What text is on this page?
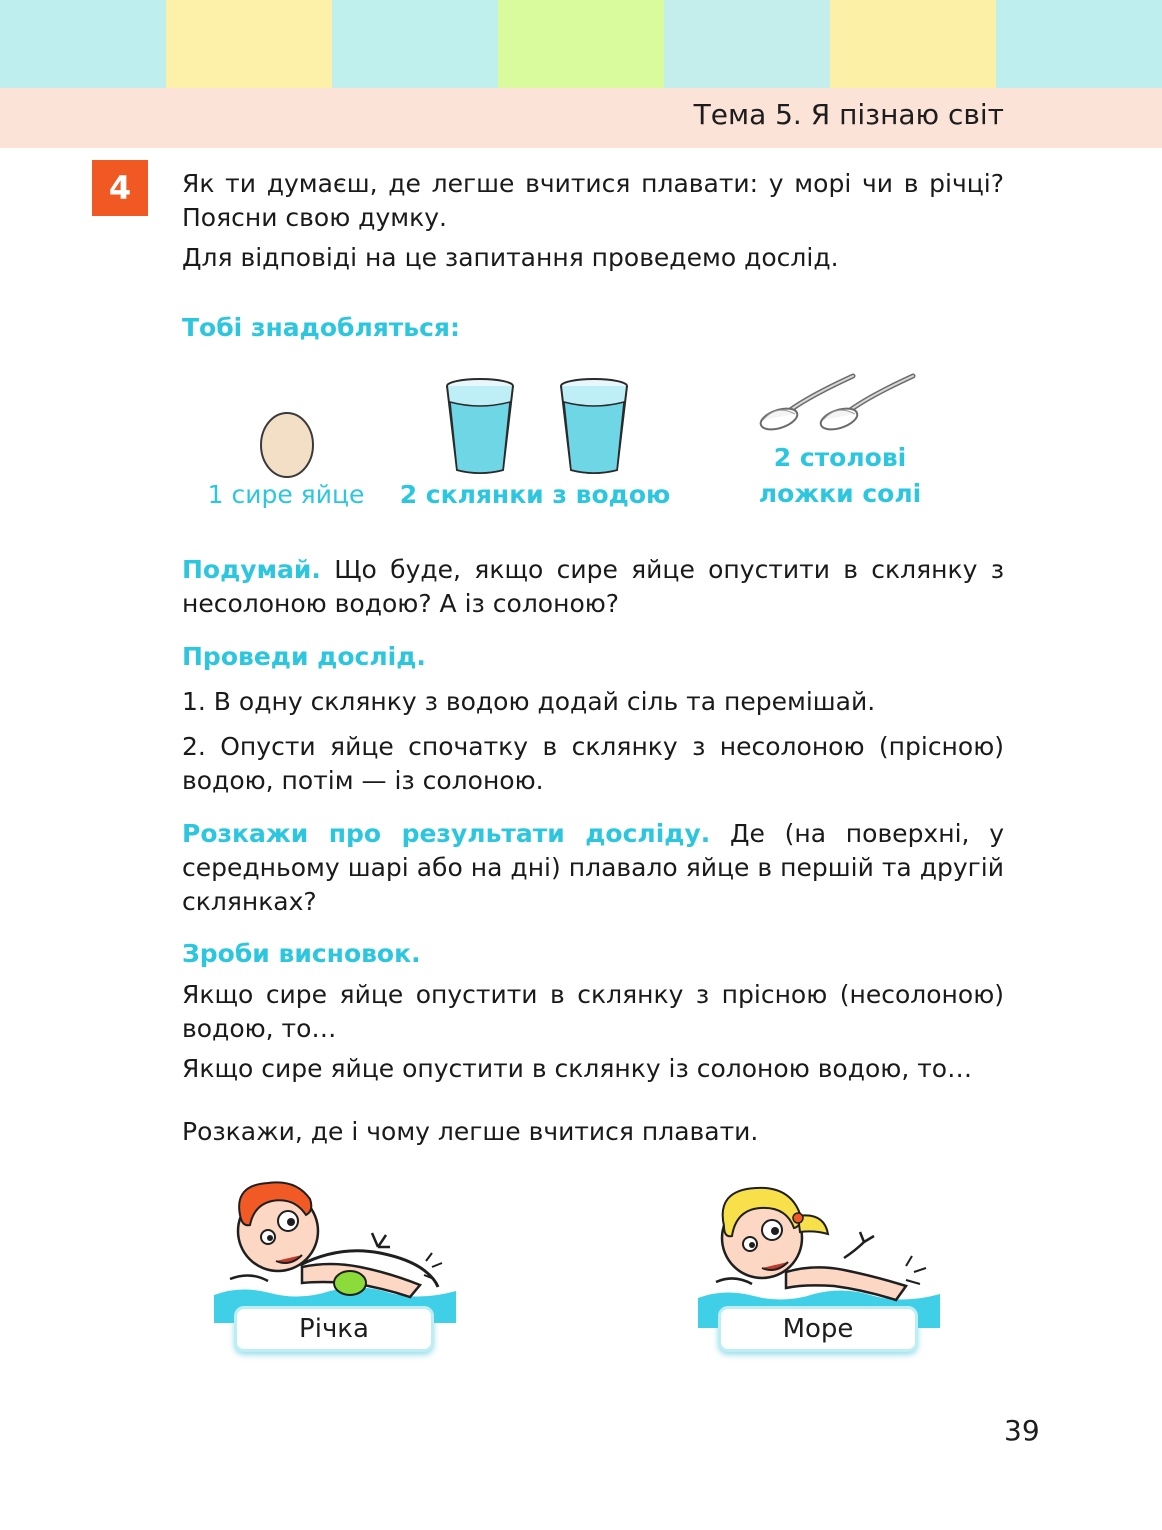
Тема 5. Я пізнаю світ
4	Як ти думаєш, де легше вчитися плавати: у морі чи в річці? Поясни свою думку.
Для відповіді на це запитання проведемо дослід.
Тобі знадобляться:
1 сире яйце	2 склянки з водою
2 столові
ложки солі
Подумай. Що буде, якщо сире яйце опустити в склянку з несолоною водою? А із солоною?
Проведи дослід.
1. В одну склянку з водою додай сіль та перемішай.
2. Опусти яйце спочатку в склянку з несолоною (прісною) водою, потім — із солоною.
Розкажи про результати досліду. Де (на поверхні, у середньому шарі або на дні) плавало яйце в першій та другій склянках?
Зроби висновок.
Якщо сире яйце опустити в склянку з прісною (несолоною) водою, то…
Якщо сире яйце опустити в склянку із солоною водою, то…
Розкажи, де і чому легше вчитися плавати.
Річка	Море
39
